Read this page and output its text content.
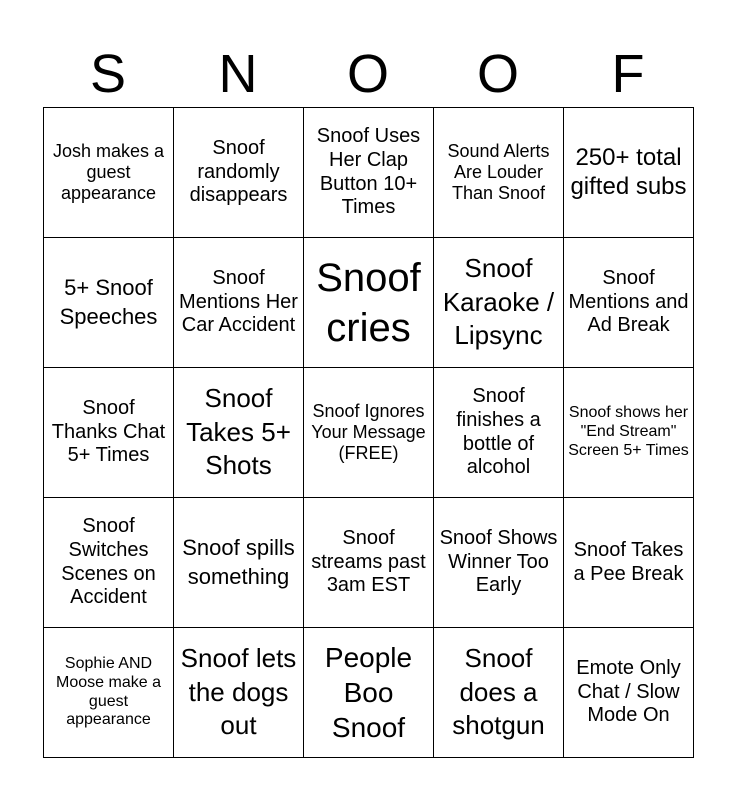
S	N	O	O	F
Josh makes a guest appearance	Snoof randomly disappears	Snoof Uses Her Clap Button 10+ Times	Sound Alerts Are Louder Than Snoof	250+ total gifted subs
5+ Snoof Speeches	Snoof Mentions Her Car Accident	Snoof cries	Snoof Karaoke / Lipsync	Snoof Mentions and Ad Break
Snoof Thanks Chat 5+ Times	Snoof Takes 5+ Shots	Snoof Ignores Your Message (FREE)	Snoof finishes a bottle of alcohol	Snoof shows her "End Stream" Screen 5+ Times
Snoof Switches Scenes on Accident	Snoof spills something	Snoof streams past 3am EST	Snoof Shows Winner Too Early	Snoof Takes a Pee Break
Sophie AND Moose make a guest appearance	Snoof lets the dogs out	People Boo Snoof	Snoof does a shotgun	Emote Only Chat / Slow Mode On
